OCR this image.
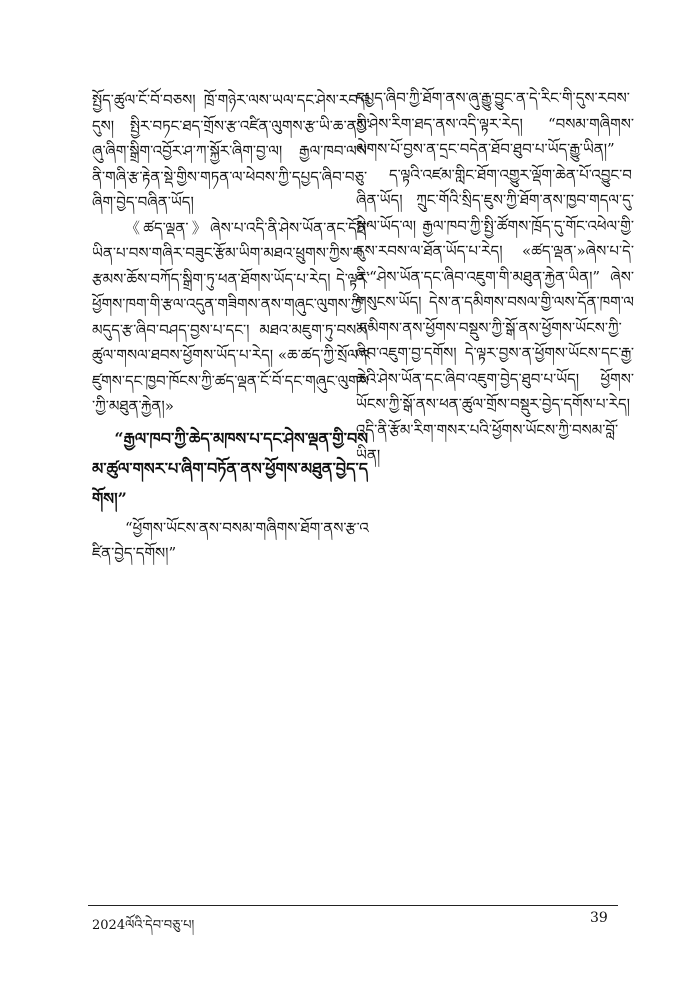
སྤྱོད་ཚུལ་ངོ་བོ་བཅས། ཁྲོ་གཉེར་ལས་ཡལ་དང་ཤེས་རབ་འདུས། སྤྱིར་བཏང་ཐད་གྲོས་རྩ་འཛིན་ལུགས་རྩ་ཡི་ཆ་ནས་ཞུ་ཞིག་སྒྲིག་འབྱོར་ཤ་ཀ་སྐྱོར་ཞིག་བྱ་ལ། རྒྱལ་ཁབ་ལས་ནི་གཞི་རྩ་རྟེན་སྡེ་གྱིས་གཏན་ལ་ཕེབས་ཀྱི་དཔྱད་ཞིབ་བཅུ་ཞིག་བྱེད་བཞིན་ཡོད།

《ཚད་ལྡན་》ཞེས་པ་འདི་ནི་ཤེས་ཡོན་ནང་དོན་ཡིན་པ་བས་གཞིར་བཟུང་རྩོམ་ཡིག་མཐའ་ཕྲུགས་ཀྱིས་བརྩམས་ཆོས་བཀོད་སྒྲིག་ཏུ་ཕན་ཐོགས་ཡོད་པ་རེད། དེ་ལྟར་ཕྱོགས་ཁག་གི་རྩལ་འདུན་གཟིགས་ནས་གཞུང་ལུགས་ཀྱི་མདུད་རྩ་ཞིབ་བཤད་བྱས་པ་དང་། མཐའ་མཇུག་ཏུ་བསམ་ཚུལ་གསལ་ཐབས་ཕྱོགས་ཡོད་པ་རེད། «ཆ་ཚད་ཀྱི་སྲོལ་འཛུགས་དང་ཁྱབ་ཁོངས་ཀྱི་ཚད་ལྡན་ངོ་བོ་དང་གཞུང་ལུགས་ཀྱི་མཐུན་རྐྱེན།»

“རྒྱལ་ཁབ་ཀྱི་ཆེད་མཁས་པ་དང་ཤེས་ལྡན་གྱི་བསམ་ཚུལ་གསར་པ་ཞིག་བཏོན་ནས་ཕྱོགས་མཐུན་བྱེད་དགོས།”

“ཕྱོགས་ཡོངས་ནས་བསམ་གཞིགས་ཐོག་ནས་རྩ་འཛིན་བྱེད་དགོས།”

དཔྱད་ཞིབ་ཀྱི་ཐོག་ནས་ཞུ་རྒྱུ་བྱུང་ན་དེ་རིང་གི་དུས་རབས་ཀྱི་ཤེས་རིག་ཐད་ནས་འདི་ལྟར་རེད། “བསམ་གཞིགས་ལེགས་པོ་བྱས་ན་དྲང་བདེན་ཐོབ་ཐུབ་པ་ཡོད་རྒྱུ་ཡིན།”

ད་ལྟའི་འཛམ་གླིང་ཐོག་འགྱུར་ལྡོག་ཆེན་པོ་འབྱུང་བཞིན་ཡོད། ཀྲུང་གོའི་སྲིད་ཇུས་ཀྱི་ཐོག་ནས་ཁྱབ་གདལ་དུ་སྤེལ་ཡོད་ལ། རྒྱལ་ཁབ་ཀྱི་སྤྱི་ཚོགས་ཁྲོད་དུ་གོང་འཕེལ་གྱི་དུས་རབས་ལ་ཐོན་ཡོད་པ་རེད། «ཚད་ལྡན་»ཞེས་པ་དེ་ནི་“ཤེས་ཡོན་དང་ཞིབ་འཇུག་གི་མཐུན་རྐྱེན་ཡིན།” ཞེས་གསུངས་ཡོད། དེས་ན་དམིགས་བསལ་གྱི་ལས་དོན་ཁག་ལ་དམིགས་ནས་ཕྱོགས་བསྡུས་ཀྱི་སྒོ་ནས་ཕྱོགས་ཡོངས་ཀྱི་ཞིབ་འཇུག་བྱ་དགོས། དེ་ལྟར་བྱས་ན་ཕྱོགས་ཡོངས་དང་རྒྱ་ཆེའི་ཤེས་ཡོན་དང་ཞིབ་འཇུག་བྱེད་ཐུབ་པ་ཡོད། ཕྱོགས་ཡོངས་ཀྱི་སྒོ་ནས་ཕན་ཚུལ་གྲོས་བསྡུར་བྱེད་དགོས་པ་རེད། འདི་ནི་རྩོམ་རིག་གསར་པའི་ཕྱོགས་ཡོངས་ཀྱི་བསམ་བློ་ཡིན།

2024ལོའི་དེབ་བཅུ་པ།	39
